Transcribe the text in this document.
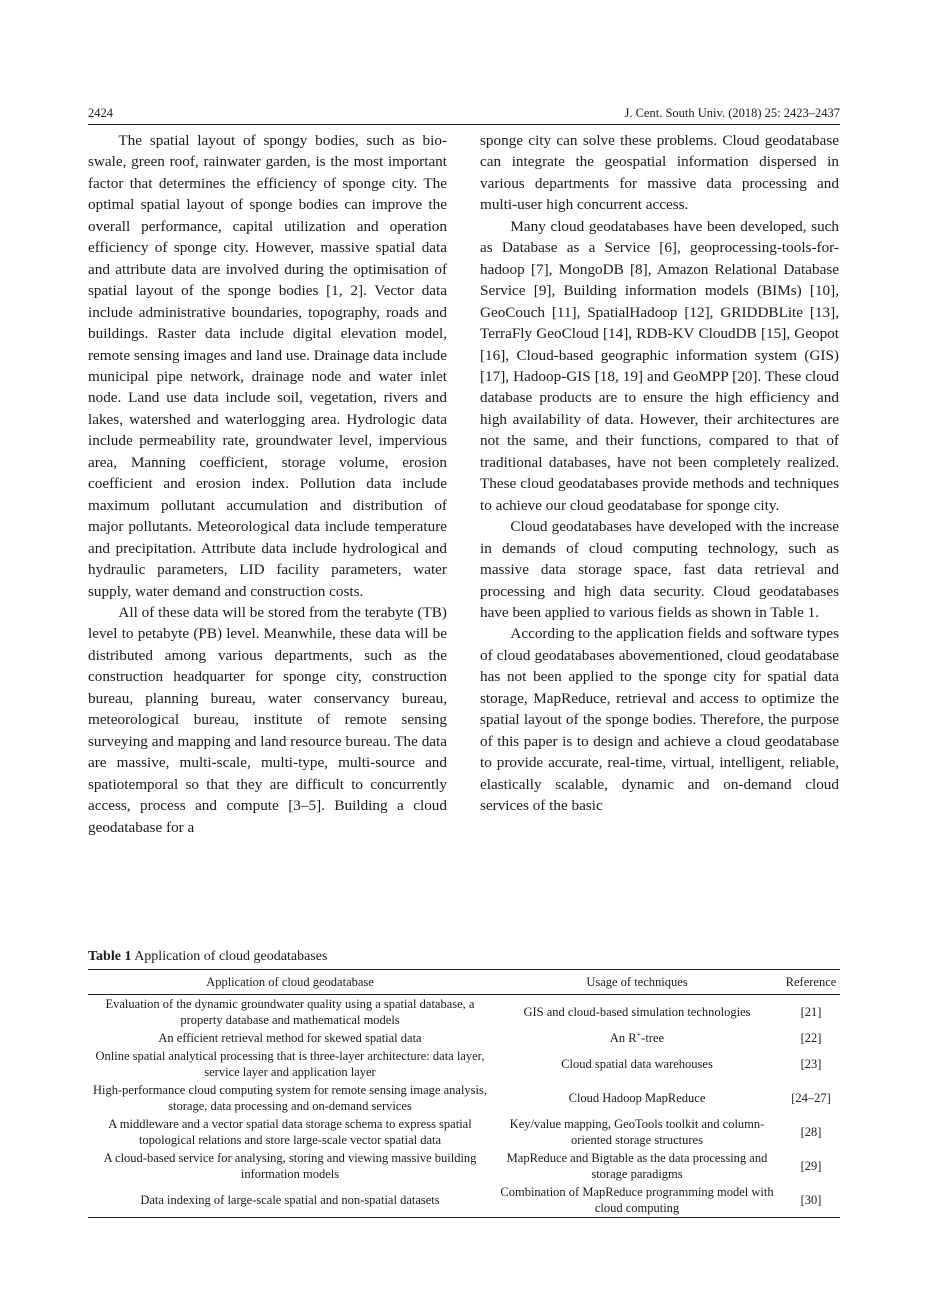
2424	J. Cent. South Univ. (2018) 25: 2423–2437

The spatial layout of spongy bodies, such as bio-swale, green roof, rainwater garden, is the most important factor that determines the efficiency of sponge city. The optimal spatial layout of sponge bodies can improve the overall performance, capital utilization and operation efficiency of sponge city. However, massive spatial data and attribute data are involved during the optimisation of spatial layout of the sponge bodies [1, 2]. Vector data include administrative boundaries, topography, roads and buildings. Raster data include digital elevation model, remote sensing images and land use. Drainage data include municipal pipe network, drainage node and water inlet node. Land use data include soil, vegetation, rivers and lakes, watershed and waterlogging area. Hydrologic data include permeability rate, groundwater level, impervious area, Manning coefficient, storage volume, erosion coefficient and erosion index. Pollution data include maximum pollutant accumulation and distribution of major pollutants. Meteorological data include temperature and precipitation. Attribute data include hydrological and hydraulic parameters, LID facility parameters, water supply, water demand and construction costs.

All of these data will be stored from the terabyte (TB) level to petabyte (PB) level. Meanwhile, these data will be distributed among various departments, such as the construction headquarter for sponge city, construction bureau, planning bureau, water conservancy bureau, meteorological bureau, institute of remote sensing surveying and mapping and land resource bureau. The data are massive, multi-scale, multi-type, multi-source and spatiotemporal so that they are difficult to concurrently access, process and compute [3–5]. Building a cloud geodatabase for a

sponge city can solve these problems. Cloud geodatabase can integrate the geospatial information dispersed in various departments for massive data processing and multi-user high concurrent access.

Many cloud geodatabases have been developed, such as Database as a Service [6], geoprocessing-tools-for-hadoop [7], MongoDB [8], Amazon Relational Database Service [9], Building information models (BIMs) [10], GeoCouch [11], SpatialHadoop [12], GRIDDBLite [13], TerraFly GeoCloud [14], RDB-KV CloudDB [15], Geopot [16], Cloud-based geographic information system (GIS) [17], Hadoop-GIS [18, 19] and GeoMPP [20]. These cloud database products are to ensure the high efficiency and high availability of data. However, their architectures are not the same, and their functions, compared to that of traditional databases, have not been completely realized. These cloud geodatabases provide methods and techniques to achieve our cloud geodatabase for sponge city.

Cloud geodatabases have developed with the increase in demands of cloud computing technology, such as massive data storage space, fast data retrieval and processing and high data security. Cloud geodatabases have been applied to various fields as shown in Table 1.

According to the application fields and software types of cloud geodatabases abovementioned, cloud geodatabase has not been applied to the sponge city for spatial data storage, MapReduce, retrieval and access to optimize the spatial layout of the sponge bodies. Therefore, the purpose of this paper is to design and achieve a cloud geodatabase to provide accurate, real-time, virtual, intelligent, reliable, elastically scalable, dynamic and on-demand cloud services of the basic

Table 1 Application of cloud geodatabases
Application of cloud geodatabase	Usage of techniques	Reference
Evaluation of the dynamic groundwater quality using a spatial database, a property database and mathematical models	GIS and cloud-based simulation technologies	[21]
An efficient retrieval method for skewed spatial data	An R+-tree	[22]
Online spatial analytical processing that is three-layer architecture: data layer, service layer and application layer	Cloud spatial data warehouses	[23]
High-performance cloud computing system for remote sensing image analysis, storage, data processing and on-demand services	Cloud Hadoop MapReduce	[24–27]
A middleware and a vector spatial data storage schema to express spatial topological relations and store large-scale vector spatial data	Key/value mapping, GeoTools toolkit and column-oriented storage structures	[28]
A cloud-based service for analysing, storing and viewing massive building information models	MapReduce and Bigtable as the data processing and storage paradigms	[29]
Data indexing of large-scale spatial and non-spatial datasets	Combination of MapReduce programming model with cloud computing	[30]
